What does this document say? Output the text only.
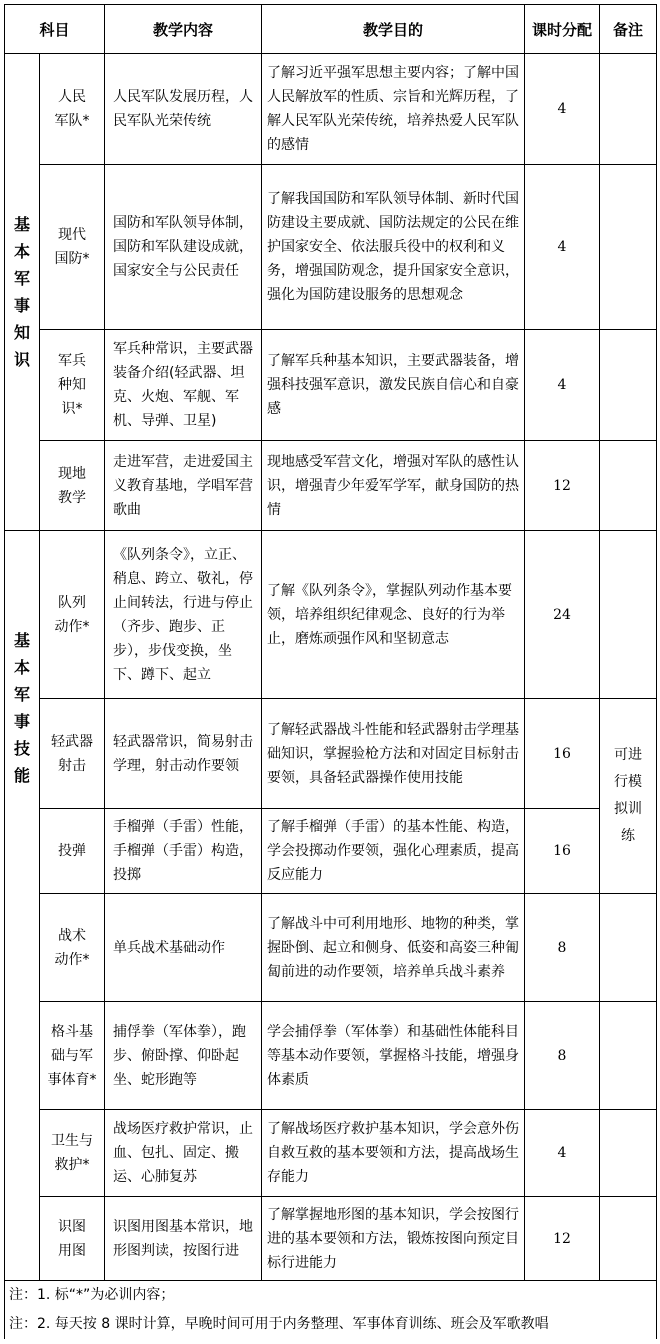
科目		教学内容	教学目的	课时分配	备注

基本军事知识	人民军队*	人民军队发展历程，人民军队光荣传统	了解习近平强军思想主要内容；了解中国人民解放军的性质、宗旨和光辉历程，了解人民军队光荣传统，培养热爱人民军队的感情	4	

	现代国防*	国防和军队领导体制，国防和军队建设成就，国家安全与公民责任	了解我国国防和军队领导体制、新时代国防建设主要成就、国防法规定的公民在维护国家安全、依法服兵役中的权利和义务，增强国防观念，提升国家安全意识，强化为国防建设服务的思想观念	4	

	军兵种知识*	军兵种常识，主要武器装备介绍(轻武器、坦克、火炮、军舰、军机、导弹、卫星)	了解军兵种基本知识，主要武器装备，增强科技强军意识，激发民族自信心和自豪感	4	

	现地教学	走进军营，走进爱国主义教育基地，学唱军营歌曲	现地感受军营文化，增强对军队的感性认识，增强青少年爱军学军，献身国防的热情	12	

基本军事技能	队列动作*	《队列条令》，立正、稍息、跨立、敬礼，停止间转法，行进与停止（齐步、跑步、正步），步伐变换，坐下、蹲下、起立	了解《队列条令》，掌握队列动作基本要领，培养组织纪律观念、良好的行为举止，磨炼顽强作风和坚韧意志	24	

	轻武器射击	轻武器常识，简易射击学理，射击动作要领	了解轻武器战斗性能和轻武器射击学理基础知识，掌握验枪方法和对固定目标射击要领，具备轻武器操作使用技能	16	可进行模拟训练

	投弹	手榴弹（手雷）性能，手榴弹（手雷）构造，投掷	了解手榴弹（手雷）的基本性能、构造，学会投掷动作要领，强化心理素质，提高反应能力	16	

	战术动作*	单兵战术基础动作	了解战斗中可利用地形、地物的种类，掌握卧倒、起立和侧身、低姿和高姿三种匍匐前进的动作要领，培养单兵战斗素养	8	

	格斗基础与军事体育*	捕俘拳（军体拳），跑步、俯卧撑、仰卧起坐、蛇形跑等	学会捕俘拳（军体拳）和基础性体能科目等基本动作要领，掌握格斗技能，增强身体素质	8	

	卫生与救护*	战场医疗救护常识，止血、包扎、固定、搬运、心肺复苏	了解战场医疗救护基本知识，学会意外伤自救互救的基本要领和方法，提高战场生存能力	4	

	识图用图	识图用图基本常识，地形图判读，按图行进	了解掌握地形图的基本知识，学会按图行进的基本要领和方法，锻炼按图向预定目标行进能力	12	
注：1. 标“*”为必训内容；					
注：2. 每天按 8 课时计算，早晚时间可用于内务整理、军事体育训练、班会及军歌教唱					
